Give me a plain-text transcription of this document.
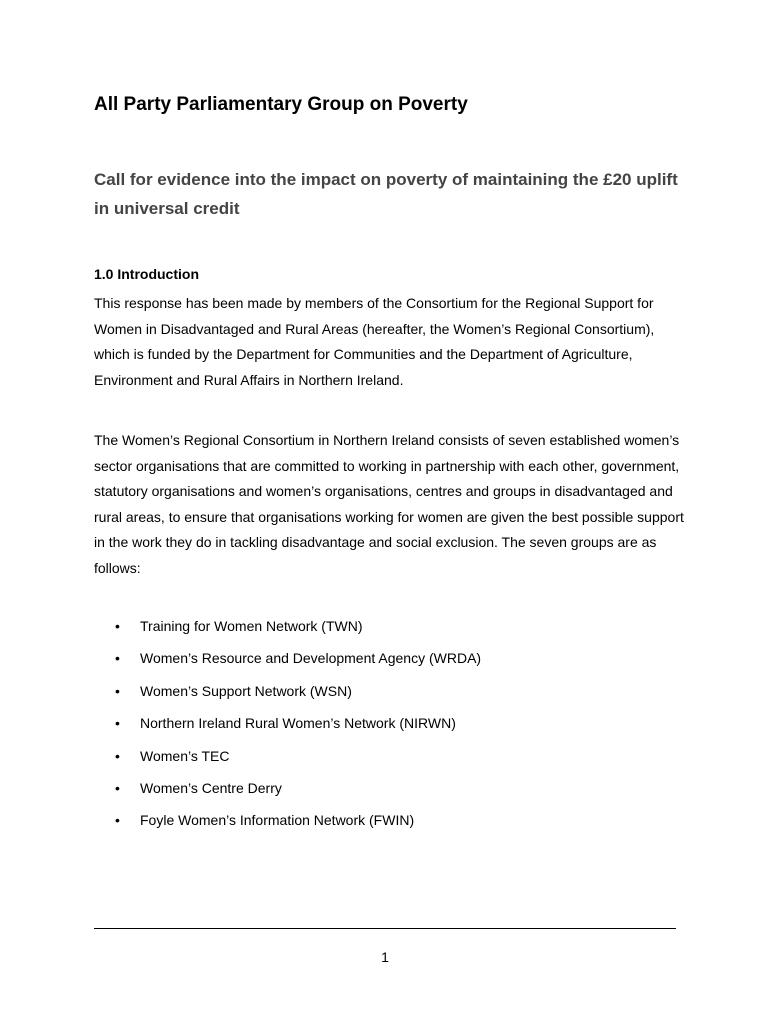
All Party Parliamentary Group on Poverty
Call for evidence into the impact on poverty of maintaining the £20 uplift in universal credit
1.0 Introduction

This response has been made by members of the Consortium for the Regional Support for Women in Disadvantaged and Rural Areas (hereafter, the Women’s Regional Consortium), which is funded by the Department for Communities and the Department of Agriculture, Environment and Rural Affairs in Northern Ireland.

The Women’s Regional Consortium in Northern Ireland consists of seven established women’s sector organisations that are committed to working in partnership with each other, government, statutory organisations and women’s organisations, centres and groups in disadvantaged and rural areas, to ensure that organisations working for women are given the best possible support in the work they do in tackling disadvantage and social exclusion. The seven groups are as follows:

• Training for Women Network (TWN)
• Women’s Resource and Development Agency (WRDA)
• Women’s Support Network (WSN)
• Northern Ireland Rural Women’s Network (NIRWN)
• Women’s TEC
• Women’s Centre Derry
• Foyle Women’s Information Network (FWIN)
1
